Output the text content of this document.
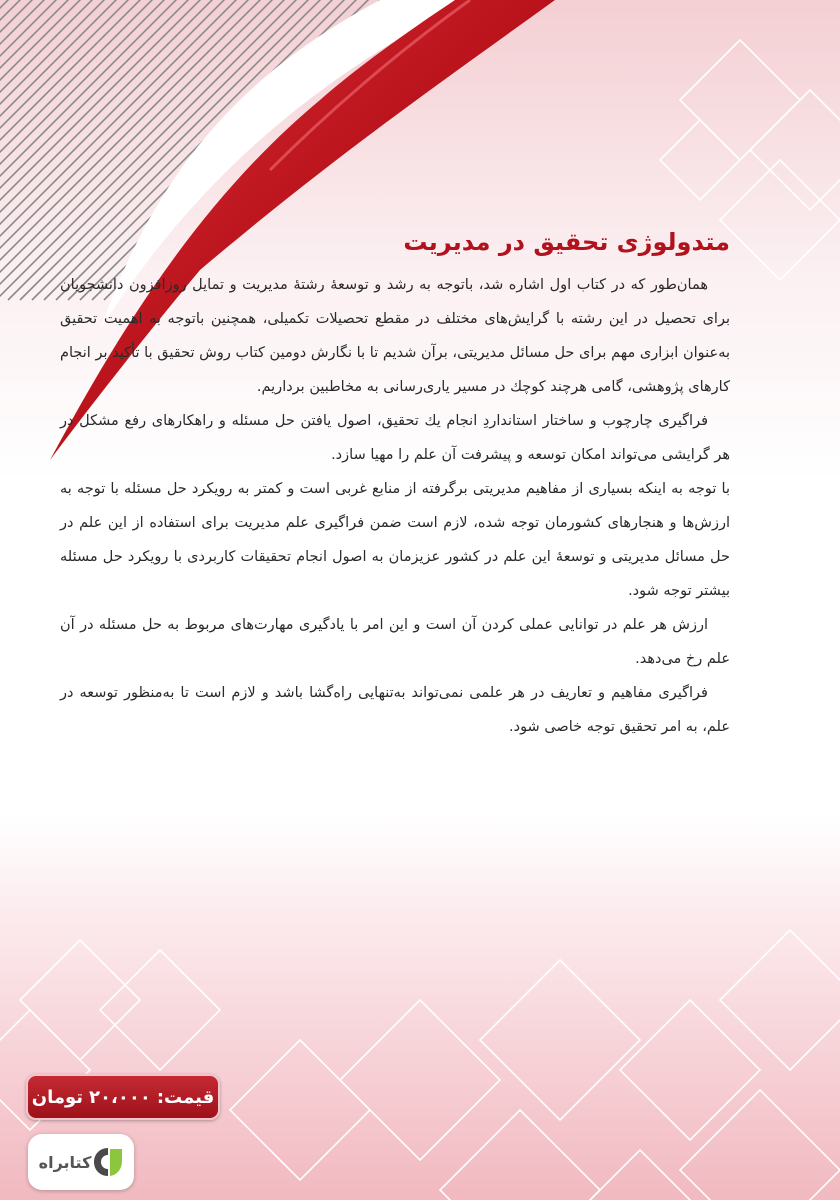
متدولوژی تحقیق در مدیریت

همان‌طور که در کتاب اول اشاره شد، باتوجه به رشد و توسعهٔ رشتهٔ مدیریت و تمایل روزافزون دانشجویان برای تحصیل در این رشته با گرایش‌های مختلف در مقطع تحصیلات تکمیلی، همچنین باتوجه به اهمیت تحقیق به‌عنوان ابزاری مهم برای حل مسائل مدیریتی، برآن شدیم تا با نگارش دومین کتاب روش تحقیق با تأکید بر انجام کارهای پژوهشی، گامی هرچند کوچك در مسیر یاری‌رسانی به مخاطبین برداریم.

فراگیری چارچوب و ساختار استانداردِ انجام یك تحقیق، اصول یافتن حل مسئله و راهکارهای رفع مشکل در هر گرایشی می‌تواند امکان توسعه و پیشرفت آن علم را مهیا سازد.

با توجه به اینکه بسیاری از مفاهیم مدیریتی برگرفته از منابع غربی است و کمتر به رویکرد حل مسئله با توجه به ارزش‌ها و هنجارهای کشورمان توجه شده، لازم است ضمن فراگیری علم مدیریت برای استفاده از این علم در حل مسائل مدیریتی و توسعهٔ این علم در کشور عزیزمان به اصول انجام تحقیقات کاربردی با رویکرد حل مسئله بیشتر توجه شود.

ارزش هر علم در توانایی عملی کردن آن است و این امر با یادگیری مهارت‌های مربوط به حل مسئله در آن علم رخ می‌دهد.

فراگیری مفاهیم و تعاریف در هر علمی نمی‌تواند به‌تنهایی راه‌گشا باشد و لازم است تا به‌منظور توسعه در علم، به امر تحقیق توجه خاصی شود.

قیمت:
۲۰،۰۰۰
تومان
کتابراه
